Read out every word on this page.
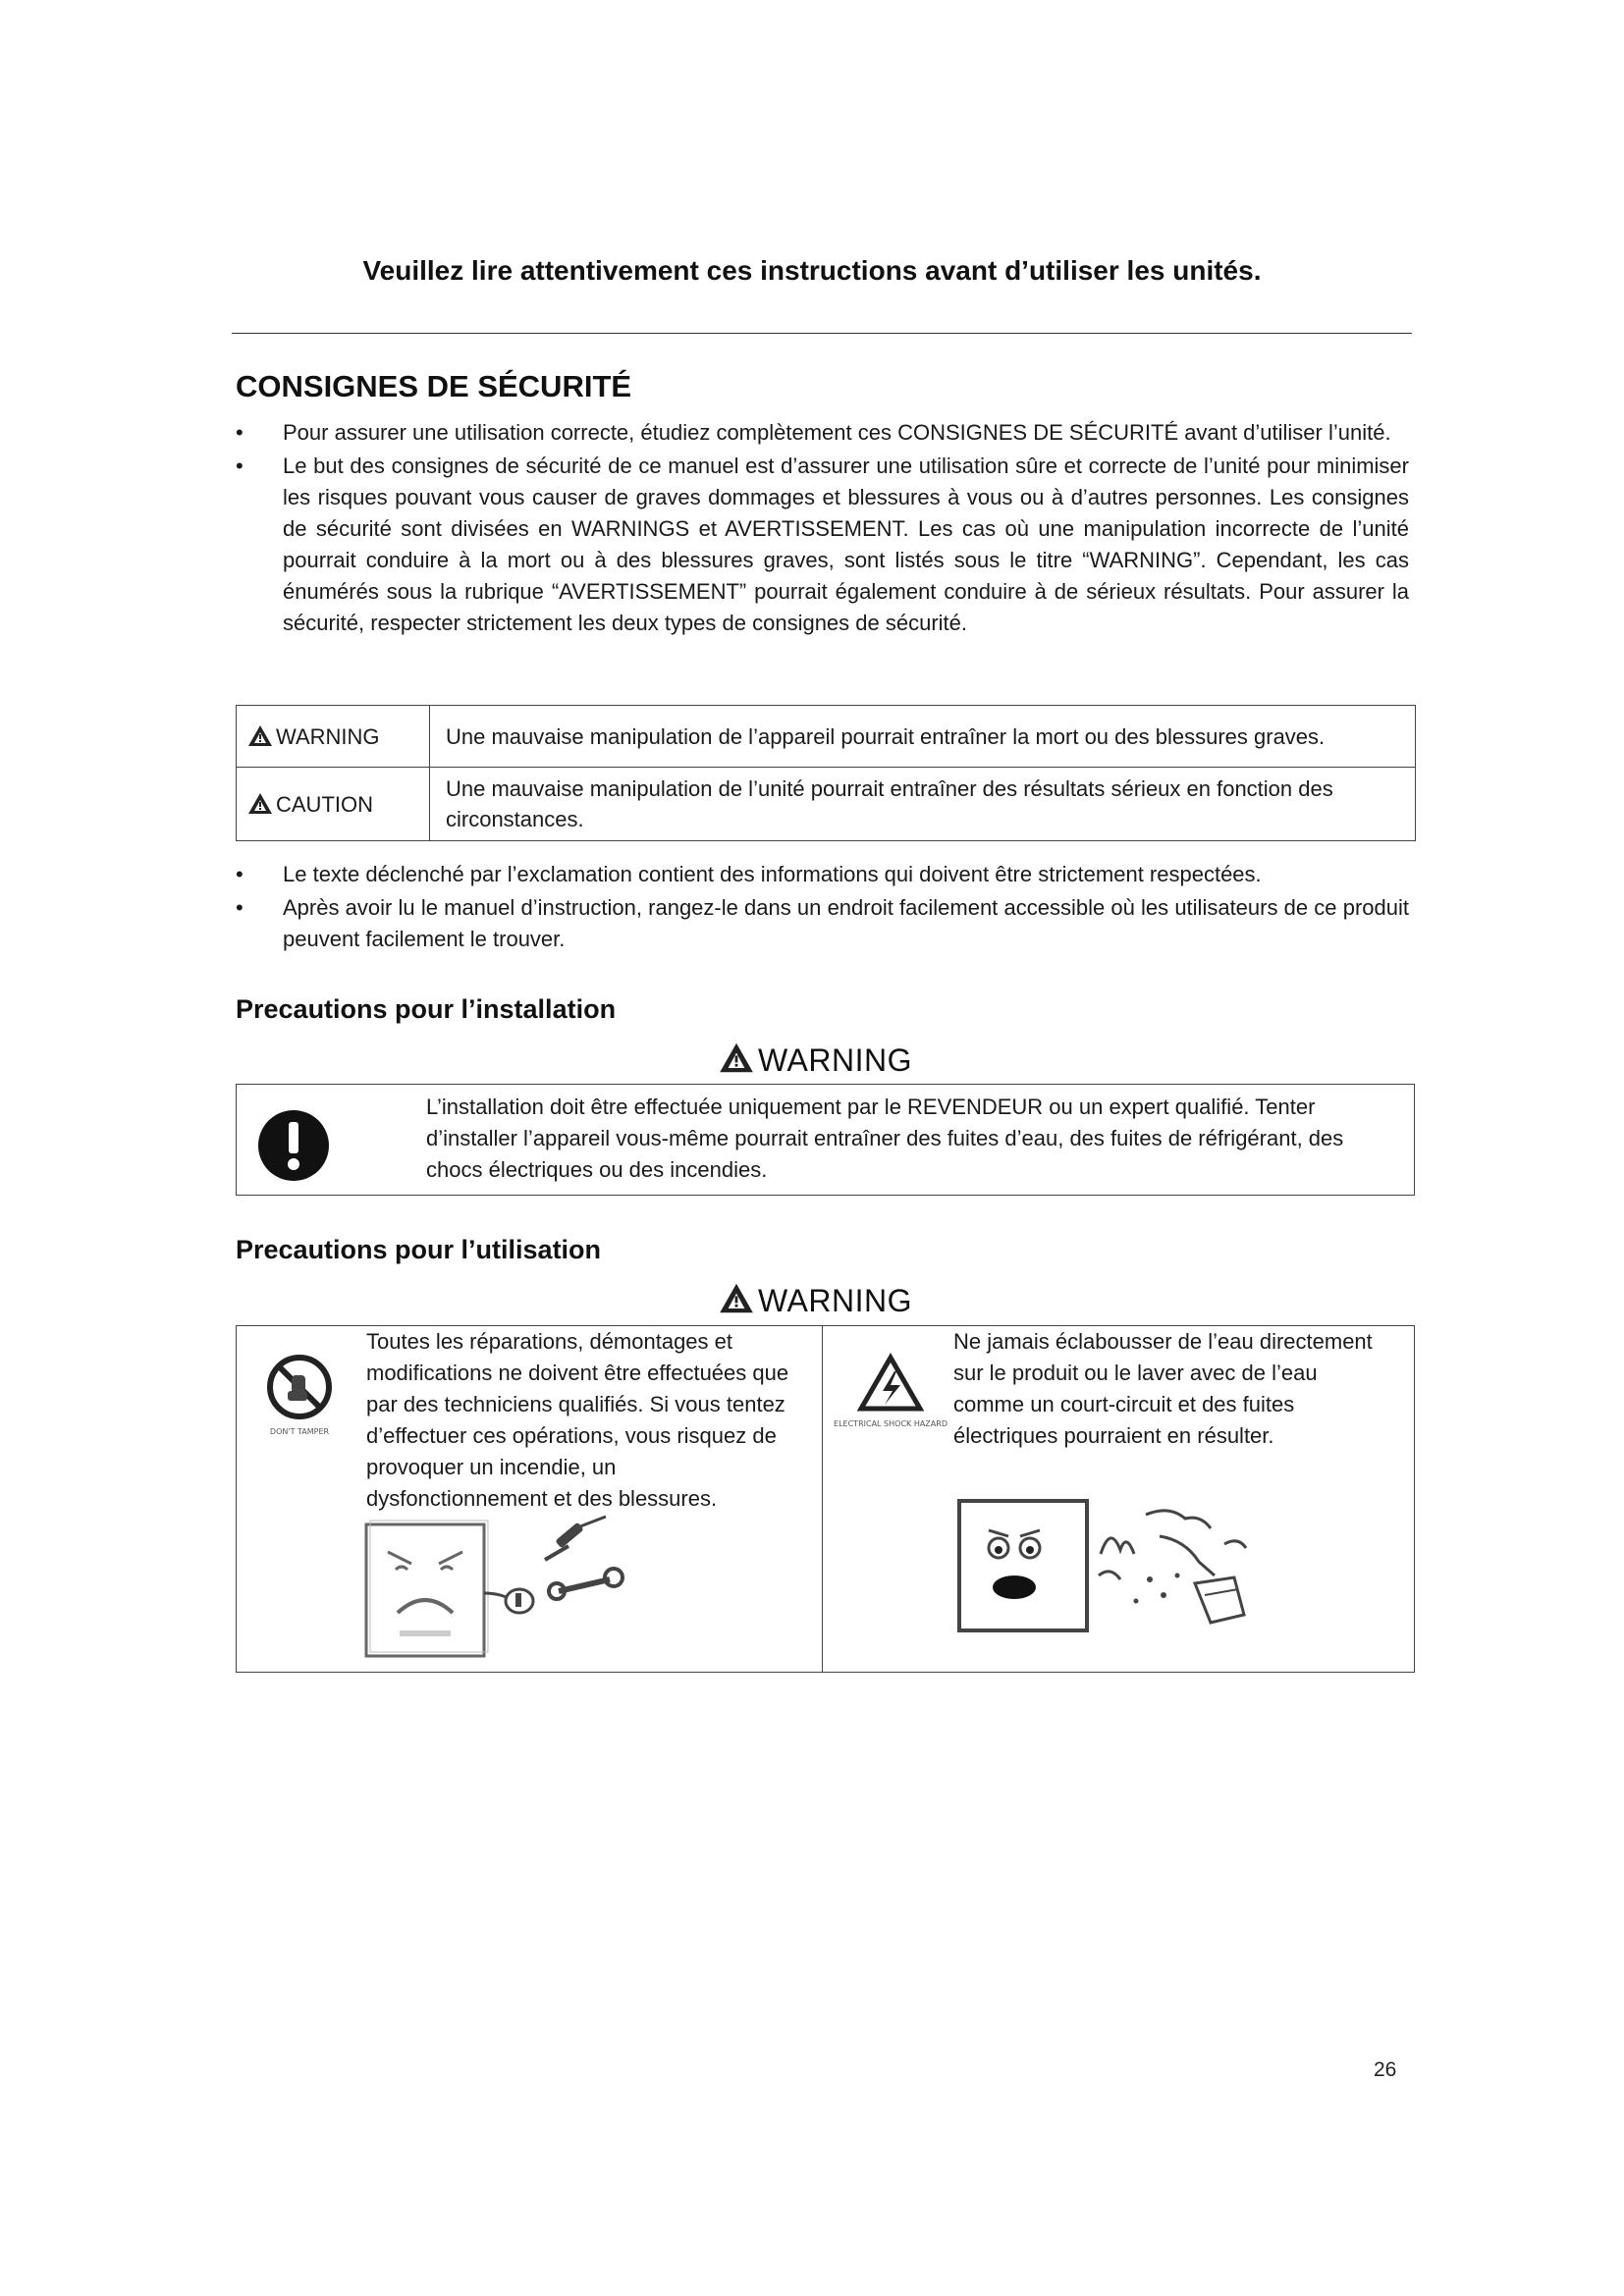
Veuillez lire attentivement ces instructions avant d’utiliser les unités.
CONSIGNES DE SÉCURITÉ
• Pour assurer une utilisation correcte, étudiez complètement ces CONSIGNES DE SÉCURITÉ avant d’utiliser l’unité.
• Le but des consignes de sécurité de ce manuel est d’assurer une utilisation sûre et correcte de l’unité pour minimiser les risques pouvant vous causer de graves dommages et blessures à vous ou à d’autres personnes. Les consignes de sécurité sont divisées en WARNINGS et AVERTISSEMENT. Les cas où une manipulation incorrecte de l’unité pourrait conduire à la mort ou à des blessures graves, sont listés sous le titre “WARNING”. Cependant, les cas énumérés sous la rubrique “AVERTISSEMENT” pourrait également conduire à de sérieux résultats. Pour assurer la sécurité, respecter strictement les deux types de consignes de sécurité.
WARNING	Une mauvaise manipulation de l’appareil pourrait entraîner la mort ou des blessures graves.
CAUTION	Une mauvaise manipulation de l’unité pourrait entraîner des résultats sérieux en fonction des circonstances.
• Le texte déclenché par l’exclamation contient des informations qui doivent être strictement respectées.
• Après avoir lu le manuel d’instruction, rangez-le dans un endroit facilement accessible où les utilisateurs de ce produit peuvent facilement le trouver.
Precautions pour l’installation
WARNING
L’installation doit être effectuée uniquement par le REVENDEUR ou un expert qualifié. Tenter d’installer l’appareil vous-même pourrait entraîner des fuites d’eau, des fuites de réfrigérant, des chocs électriques ou des incendies.
Precautions pour l’utilisation
WARNING
DON'T TAMPER
Toutes les réparations, démontages et modifications ne doivent être effectuées que par des techniciens qualifiés. Si vous tentez d’effectuer ces opérations, vous risquez de provoquer un incendie, un dysfonctionnement et des blessures.
ELECTRICAL SHOCK HAZARD
Ne jamais éclabousser de l’eau directement sur le produit ou le laver avec de l’eau comme un court-circuit et des fuites électriques pourraient en résulter.
26
